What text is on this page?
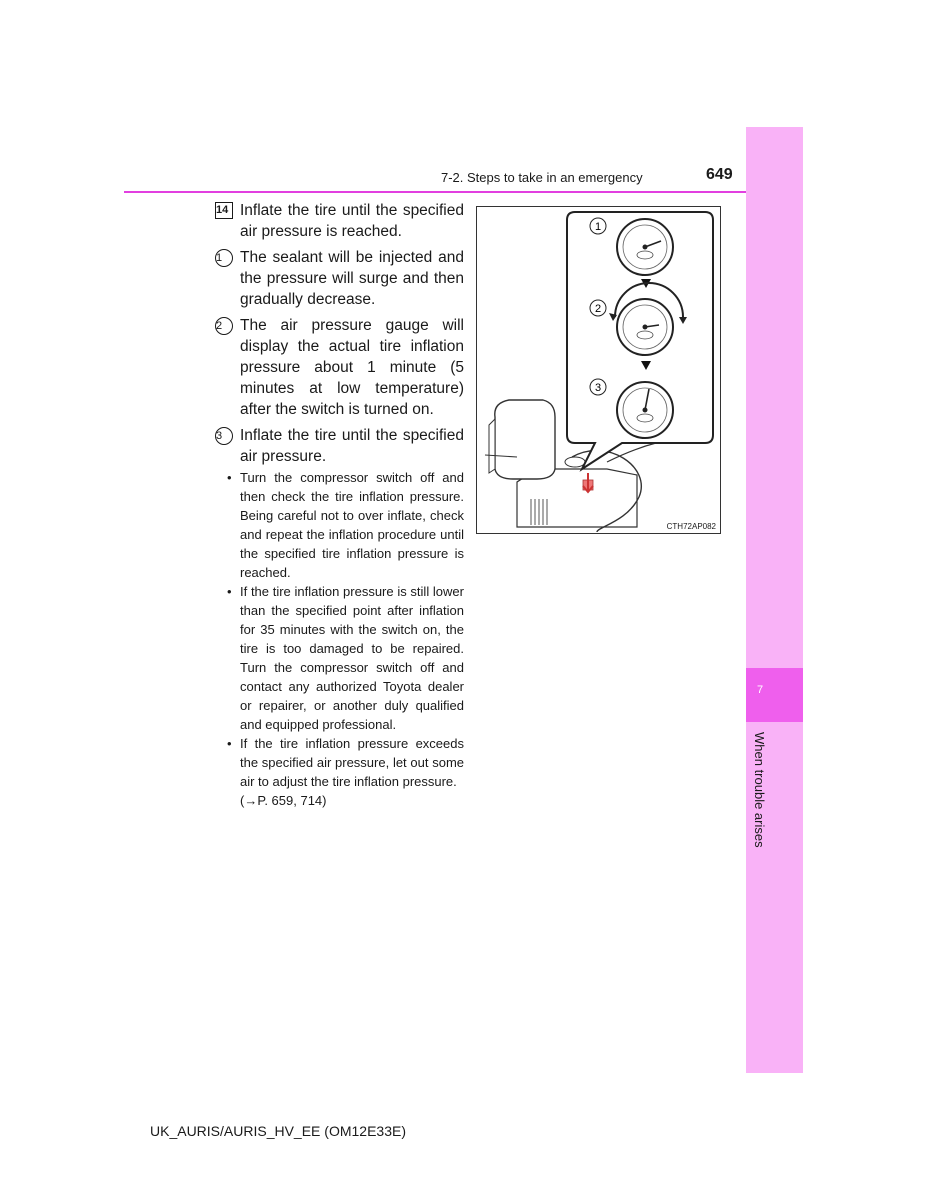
7-2. Steps to take in an emergency	649
7
When trouble arises
14 Inflate the tire until the specified air pressure is reached.
1	The sealant will be injected and the pressure will surge and then gradually decrease.
2	The air pressure gauge will display the actual tire inflation pressure about 1 minute (5 minutes at low temperature) after the switch is turned on.
3	Inflate the tire until the specified air pressure.
• Turn the compressor switch off and then check the tire inflation pressure. Being careful not to over inflate, check and repeat the inflation procedure until the specified tire inflation pressure is reached.
• If the tire inflation pressure is still lower than the specified point after inflation for 35 minutes with the switch on, the tire is too damaged to be repaired. Turn the compressor switch off and contact any authorized Toyota dealer or repairer, or another duly qualified and equipped professional.
• If the tire inflation pressure exceeds the specified air pressure, let out some air to adjust the tire inflation pressure.
(→P. 659, 714)
1
2
3
CTH72AP082
UK_AURIS/AURIS_HV_EE (OM12E33E)
